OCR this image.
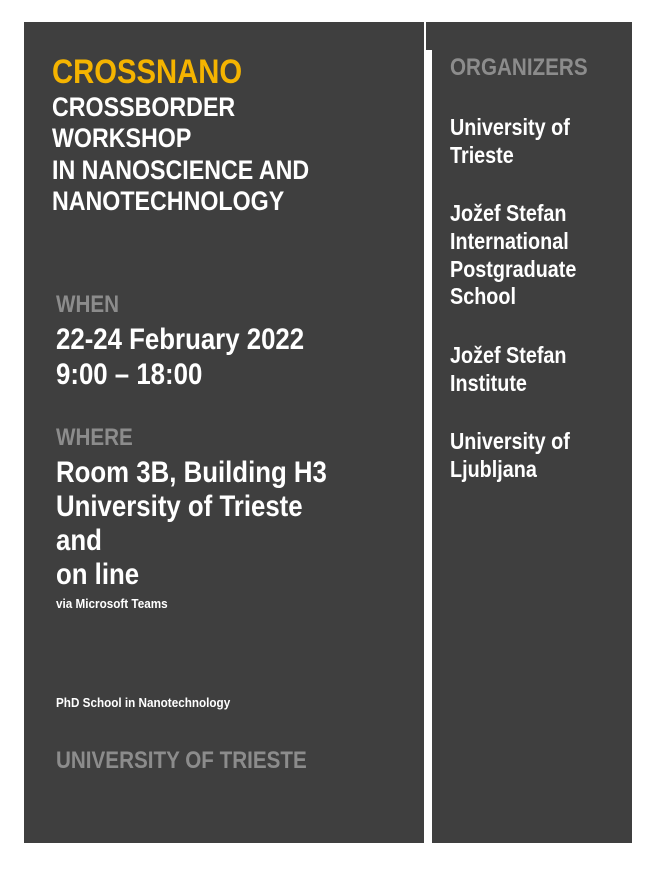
CROSSNANO
CROSSBORDER
WORKSHOP
IN NANOSCIENCE AND
NANOTECHNOLOGY
WHEN
22-24 February 2022
9:00 – 18:00
WHERE
Room 3B, Building H3
University of Trieste
and
on line
via Microsoft Teams
PhD School in Nanotechnology
UNIVERSITY OF TRIESTE
ORGANIZERS
University of
Trieste
Jožef Stefan
International
Postgraduate
School
Jožef Stefan
Institute
University of
Ljubljana
